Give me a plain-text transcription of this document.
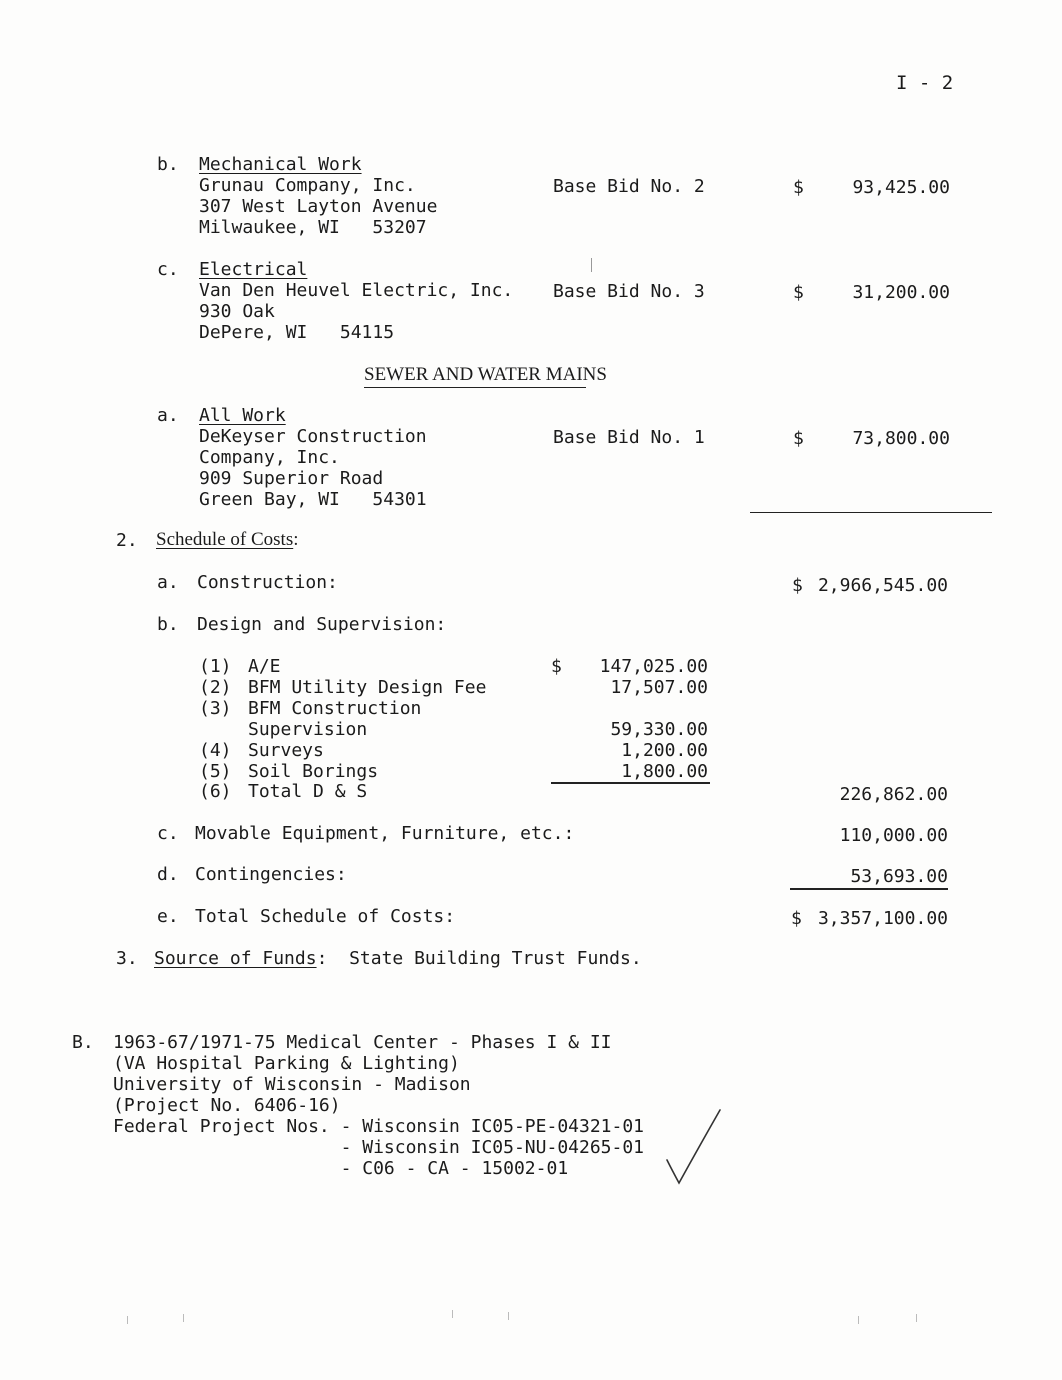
I - 2
b. Mechanical Work
Grunau Company, Inc.
307 West Layton Avenue
Milwaukee, WI   53207
Base Bid No. 2	$	93,425.00
c. Electrical
Van Den Heuvel Electric, Inc.
930 Oak
DePere, WI   54115
Base Bid No. 3	$	31,200.00
SEWER AND WATER MAINS
a. All Work
DeKeyser Construction
Company, Inc.
909 Superior Road
Green Bay, WI   54301
Base Bid No. 1	$	73,800.00
2. Schedule of Costs:
a. Construction:	$ 2,966,545.00
b. Design and Supervision:
(1) A/E	$	147,025.00
(2) BFM Utility Design Fee	17,507.00
(3) BFM Construction
Supervision	59,330.00
(4) Surveys	1,200.00
(5) Soil Borings	1,800.00
(6) Total D & S	226,862.00
c. Movable Equipment, Furniture, etc.:	110,000.00
d. Contingencies:	53,693.00
e. Total Schedule of Costs:	$ 3,357,100.00
3. Source of Funds:  State Building Trust Funds.
B. 1963-67/1971-75 Medical Center - Phases I & II
(VA Hospital Parking & Lighting)
University of Wisconsin - Madison
(Project No. 6406-16)
Federal Project Nos. - Wisconsin IC05-PE-04321-01
- Wisconsin IC05-NU-04265-01
- C06 - CA - 15002-01
